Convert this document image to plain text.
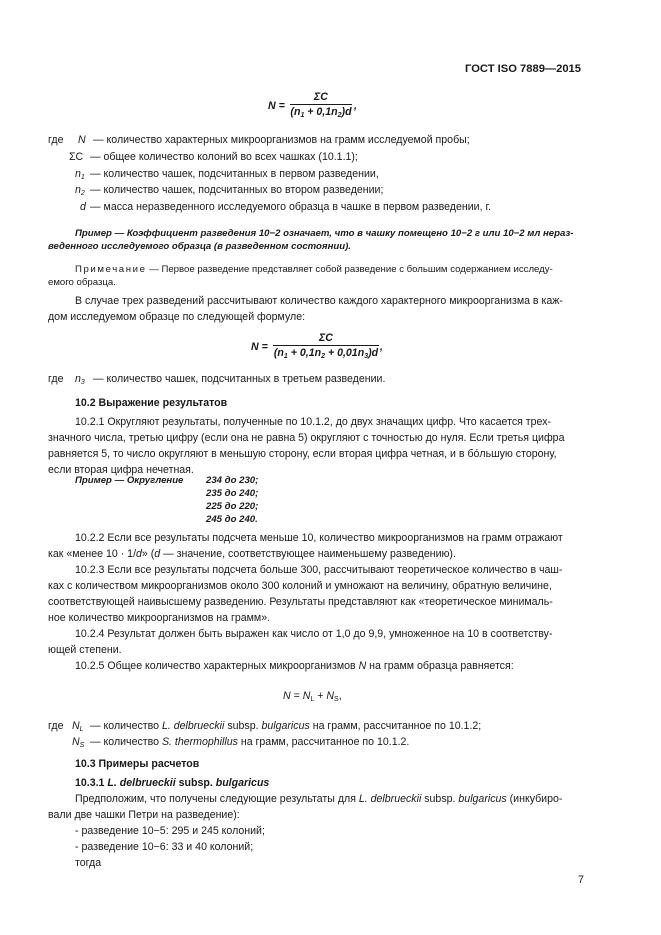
ГОСТ ISO 7889—2015
N =
ΣC
$(n_1 + 0,1n_2)d$ ,
где N — количество характерных микроорганизмов на грамм исследуемой пробы;
ΣC — общее количество колоний во всех чашках (10.1.1);
$n_1$ — количество чашек, подсчитанных в первом разведении,
$n_2$ — количество чашек, подсчитанных во втором разведении;
d — масса неразведенного исследуемого образца в чашке в первом разведении, г.
Пример — Коэффициент разведения 10−2 означает, что в чашку помещено 10−2 г или 10−2 мл нераз-
веденного исследуемого образца (в разведенном состоянии).
Примечание — Первое разведение представляет собой разведение с большим содержанием исследу-
емого образца.
В случае трех разведений рассчитывают количество каждого характерного микроорганизма в каж-
дом исследуемом образце по следующей формуле:
N =
ΣC
$(n_1 + 0,1n_2 + 0,01n_3)d$ ,
где $n_3$ — количество чашек, подсчитанных в третьем разведении.
10.2 Выражение результатов
10.2.1 Округляют результаты, полученные по 10.1.2, до двух значащих цифр. Что касается трех-
значного числа, третью цифру (если она не равна 5) округляют с точностью до нуля. Если третья цифра
равняется 5, то число округляют в меньшую сторону, если вторая цифра четная, и в бо́льшую сторону,
если вторая цифра нечетная.
Пример — Округление 234 до 230;
235 до 240;
225 до 220;
245 до 240.
10.2.2 Если все результаты подсчета меньше 10, количество микроорганизмов на грамм отражают
как «менее 10 · 1/d» (d — значение, соответствующее наименьшему разведению).
10.2.3 Если все результаты подсчета больше 300, рассчитывают теоретическое количество в чаш-
ках с количеством микроорганизмов около 300 колоний и умножают на величину, обратную величине,
соответствующей наивысшему разведению. Результаты представляют как «теоретическое минималь-
ное количество микроорганизмов на грамм».
10.2.4 Результат должен быть выражен как число от 1,0 до 9,9, умноженное на 10 в соответству-
ющей степени.
10.2.5 Общее количество характерных микроорганизмов N на грамм образца равняется:
$N = N_L + N_S$,
где $N_L$ — количество L. delbrueckii subsp. bulgaricus на грамм, рассчитанное по 10.1.2;
$N_S$ — количество S. thermophillus на грамм, рассчитанное по 10.1.2.
10.3 Примеры расчетов
10.3.1 L. delbrueckii subsp. bulgaricus
Предположим, что получены следующие результаты для L. delbrueckii subsp. bulgaricus (инкубиро-
вали две чашки Петри на разведение):
- разведение 10−5: 295 и 245 колоний;
- разведение 10−6: 33 и 40 колоний;
тогда
7
